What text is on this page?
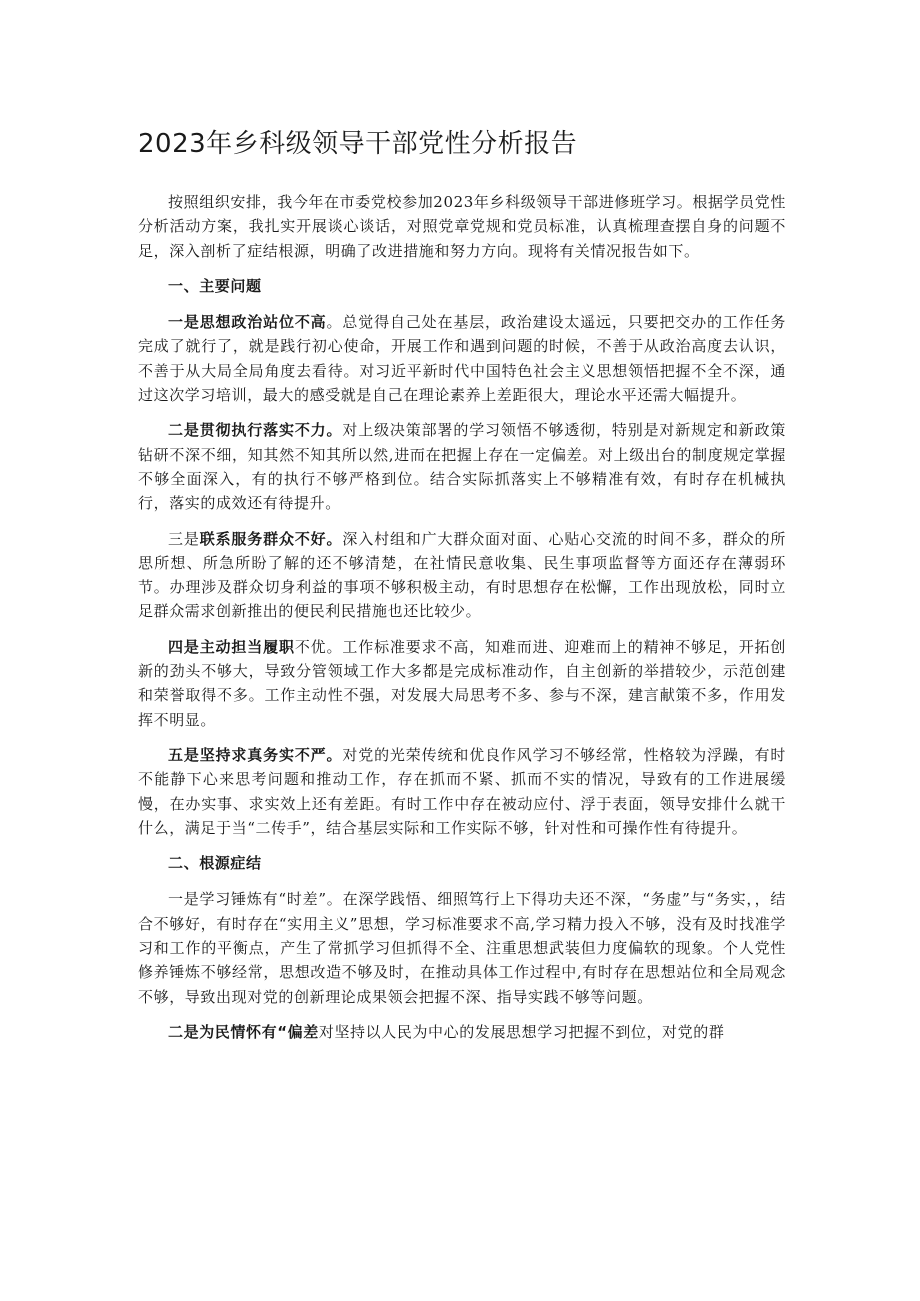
2023年乡科级领导干部党性分析报告

按照组织安排，我今年在市委党校参加2023年乡科级领导干部进修班学习。根据学员党性分析活动方案，我扎实开展谈心谈话，对照党章党规和党员标准，认真梳理查摆自身的问题不足，深入剖析了症结根源，明确了改进措施和努力方向。现将有关情况报告如下。

一、主要问题

一是思想政治站位不高。总觉得自己处在基层，政治建设太遥远，只要把交办的工作任务完成了就行了，就是践行初心使命，开展工作和遇到问题的时候，不善于从政治高度去认识，不善于从大局全局角度去看待。对习近平新时代中国特色社会主义思想领悟把握不全不深，通过这次学习培训，最大的感受就是自己在理论素养上差距很大，理论水平还需大幅提升。

二是贯彻执行落实不力。对上级决策部署的学习领悟不够透彻，特别是对新规定和新政策钻研不深不细，知其然不知其所以然,进而在把握上存在一定偏差。对上级出台的制度规定掌握不够全面深入，有的执行不够严格到位。结合实际抓落实上不够精准有效，有时存在机械执行，落实的成效还有待提升。

三是联系服务群众不好。深入村组和广大群众面对面、心贴心交流的时间不多，群众的所思所想、所急所盼了解的还不够清楚，在社情民意收集、民生事项监督等方面还存在薄弱环节。办理涉及群众切身利益的事项不够积极主动，有时思想存在松懈，工作出现放松，同时立足群众需求创新推出的便民利民措施也还比较少。

四是主动担当履职不优。工作标准要求不高，知难而进、迎难而上的精神不够足，开拓创新的劲头不够大，导致分管领域工作大多都是完成标准动作，自主创新的举措较少，示范创建和荣誉取得不多。工作主动性不强，对发展大局思考不多、参与不深，建言献策不多，作用发挥不明显。

五是坚持求真务实不严。对党的光荣传统和优良作风学习不够经常，性格较为浮躁，有时不能静下心来思考问题和推动工作，存在抓而不紧、抓而不实的情况，导致有的工作进展缓慢，在办实事、求实效上还有差距。有时工作中存在被动应付、浮于表面，领导安排什么就干什么，满足于当“二传手”，结合基层实际和工作实际不够，针对性和可操作性有待提升。

二、根源症结

一是学习锤炼有“时差”。在深学践悟、细照笃行上下得功夫还不深，“务虚”与“务实，，结合不够好，有时存在“实用主义”思想，学习标准要求不高,学习精力投入不够，没有及时找准学习和工作的平衡点，产生了常抓学习但抓得不全、注重思想武装但力度偏软的现象。个人党性修养锤炼不够经常，思想改造不够及时，在推动具体工作过程中,有时存在思想站位和全局观念不够，导致出现对党的创新理论成果领会把握不深、指导实践不够等问题。

二是为民情怀有“偏差对坚持以人民为中心的发展思想学习把握不到位，对党的群
